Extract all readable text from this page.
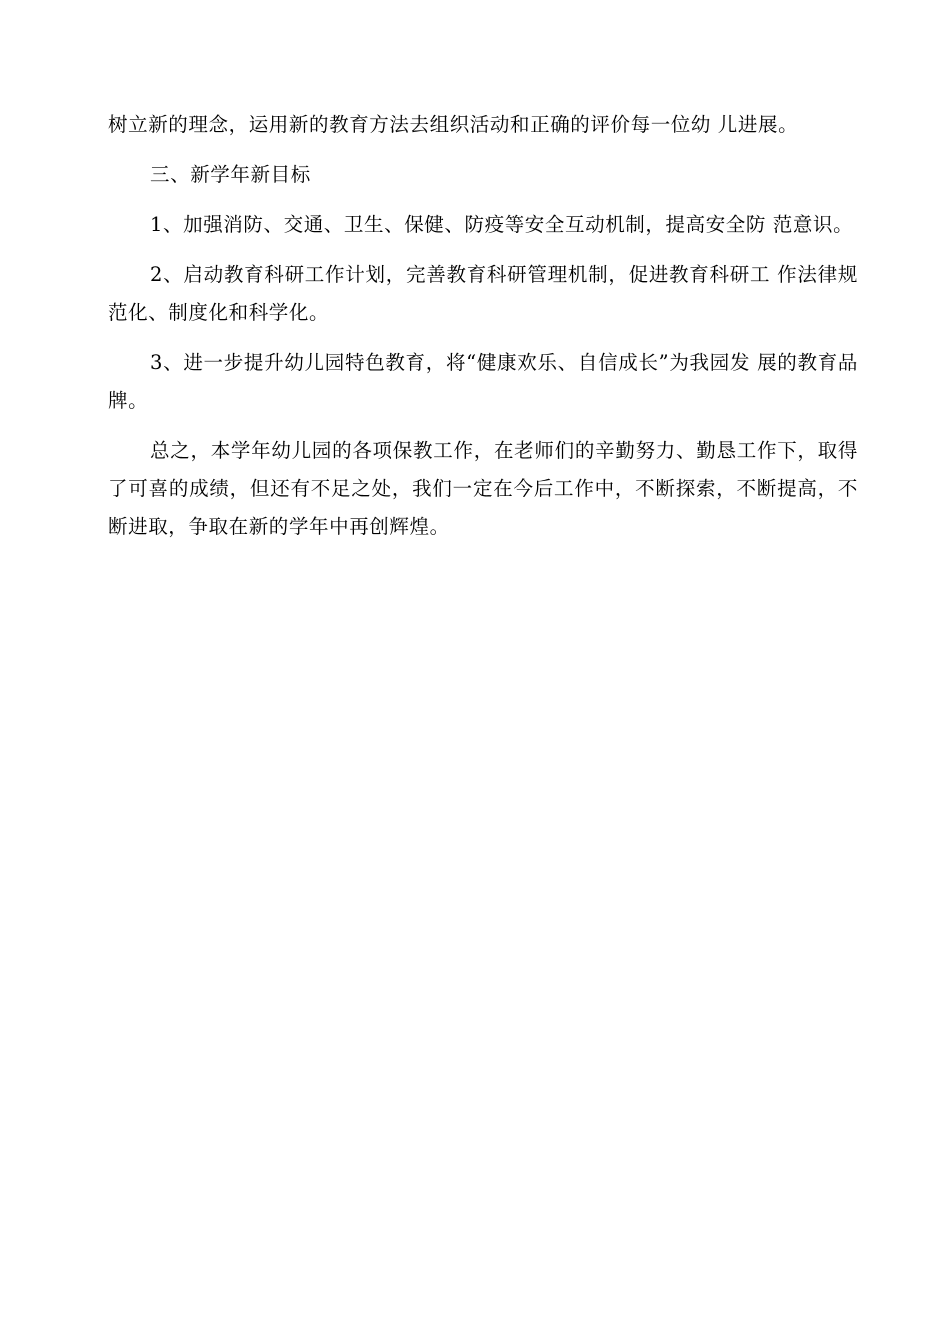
树立新的理念，运用新的教育方法去组织活动和正确的评价每一位幼 儿进展。

三、新学年新目标

1、加强消防、交通、卫生、保健、防疫等安全互动机制，提高安全防 范意识。

2、启动教育科研工作计划，完善教育科研管理机制，促进教育科研工 作法律规范化、制度化和科学化。

3、进一步提升幼儿园特色教育，将“健康欢乐、自信成长”为我园发 展的教育品牌。

总之，本学年幼儿园的各项保教工作，在老师们的辛勤努力、勤恳工作下，取得了可喜的成绩，但还有不足之处，我们一定在今后工作中，不断探索，不断提高，不断进取，争取在新的学年中再创辉煌。
